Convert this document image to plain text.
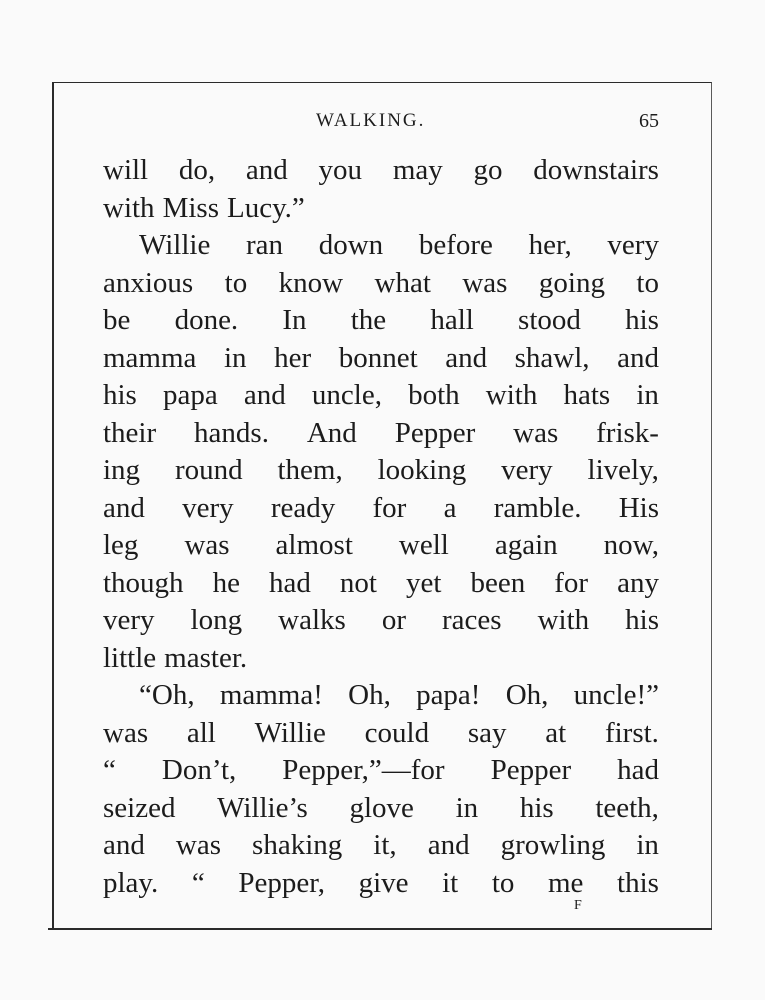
WALKING.	65
will do, and you may go downstairs
with Miss Lucy.”
Willie ran down before her, very
anxious to know what was going to
be done. In the hall stood his
mamma in her bonnet and shawl, and
his papa and uncle, both with hats in
their hands. And Pepper was frisk-
ing round them, looking very lively,
and very ready for a ramble. His
leg was almost well again now,
though he had not yet been for any
very long walks or races with his
little master.
“Oh, mamma! Oh, papa! Oh, uncle!”
was all Willie could say at first.
“ Don’t, Pepper,”—for Pepper had
seized Willie’s glove in his teeth,
and was shaking it, and growling in
play. “ Pepper, give it to me this
F
